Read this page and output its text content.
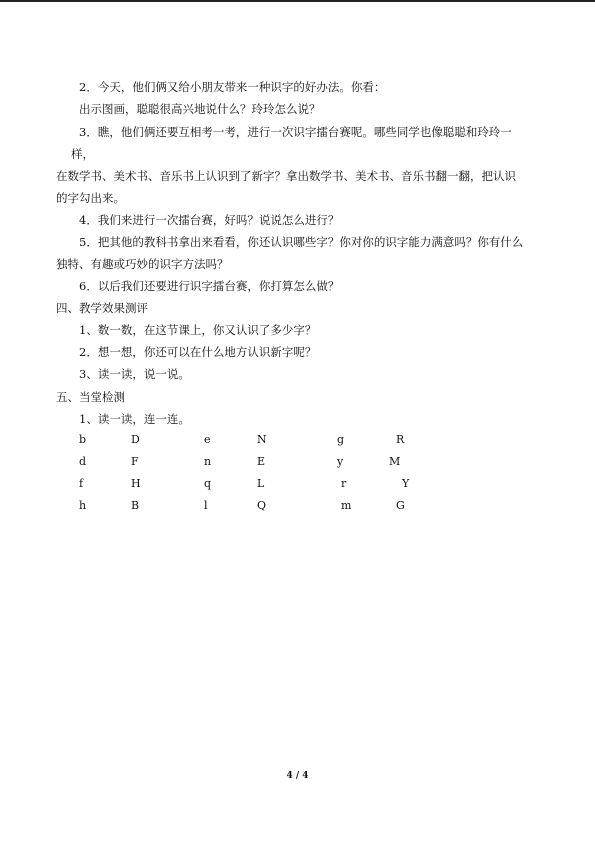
2．今天，他们俩又给小朋友带来一种识字的好办法。你看：
出示图画，聪聪很高兴地说什么？玲玲怎么说？
3．瞧，他们俩还要互相考一考，进行一次识字擂台赛呢。哪些同学也像聪聪和玲玲一
样，
在数学书、美术书、音乐书上认识到了新字？拿出数学书、美术书、音乐书翻一翻，把认识
的字勾出来。
4．我们来进行一次擂台赛，好吗？说说怎么进行？
5．把其他的教科书拿出来看看，你还认识哪些字？你对你的识字能力满意吗？你有什么
独特、有趣或巧妙的识字方法吗？
6．以后我们还要进行识字擂台赛，你打算怎么做？
四、教学效果测评
1、数一数，在这节课上，你又认识了多少字？
2．想一想，你还可以在什么地方认识新字呢？
3、读一读，说一说。
五、当堂检测
1、读一读，连一连。
b	D	e	N	g	R
d	F	n	E	y	M
f	H	q	L	r	Y
h	B	l	Q	m	G
4 / 4
